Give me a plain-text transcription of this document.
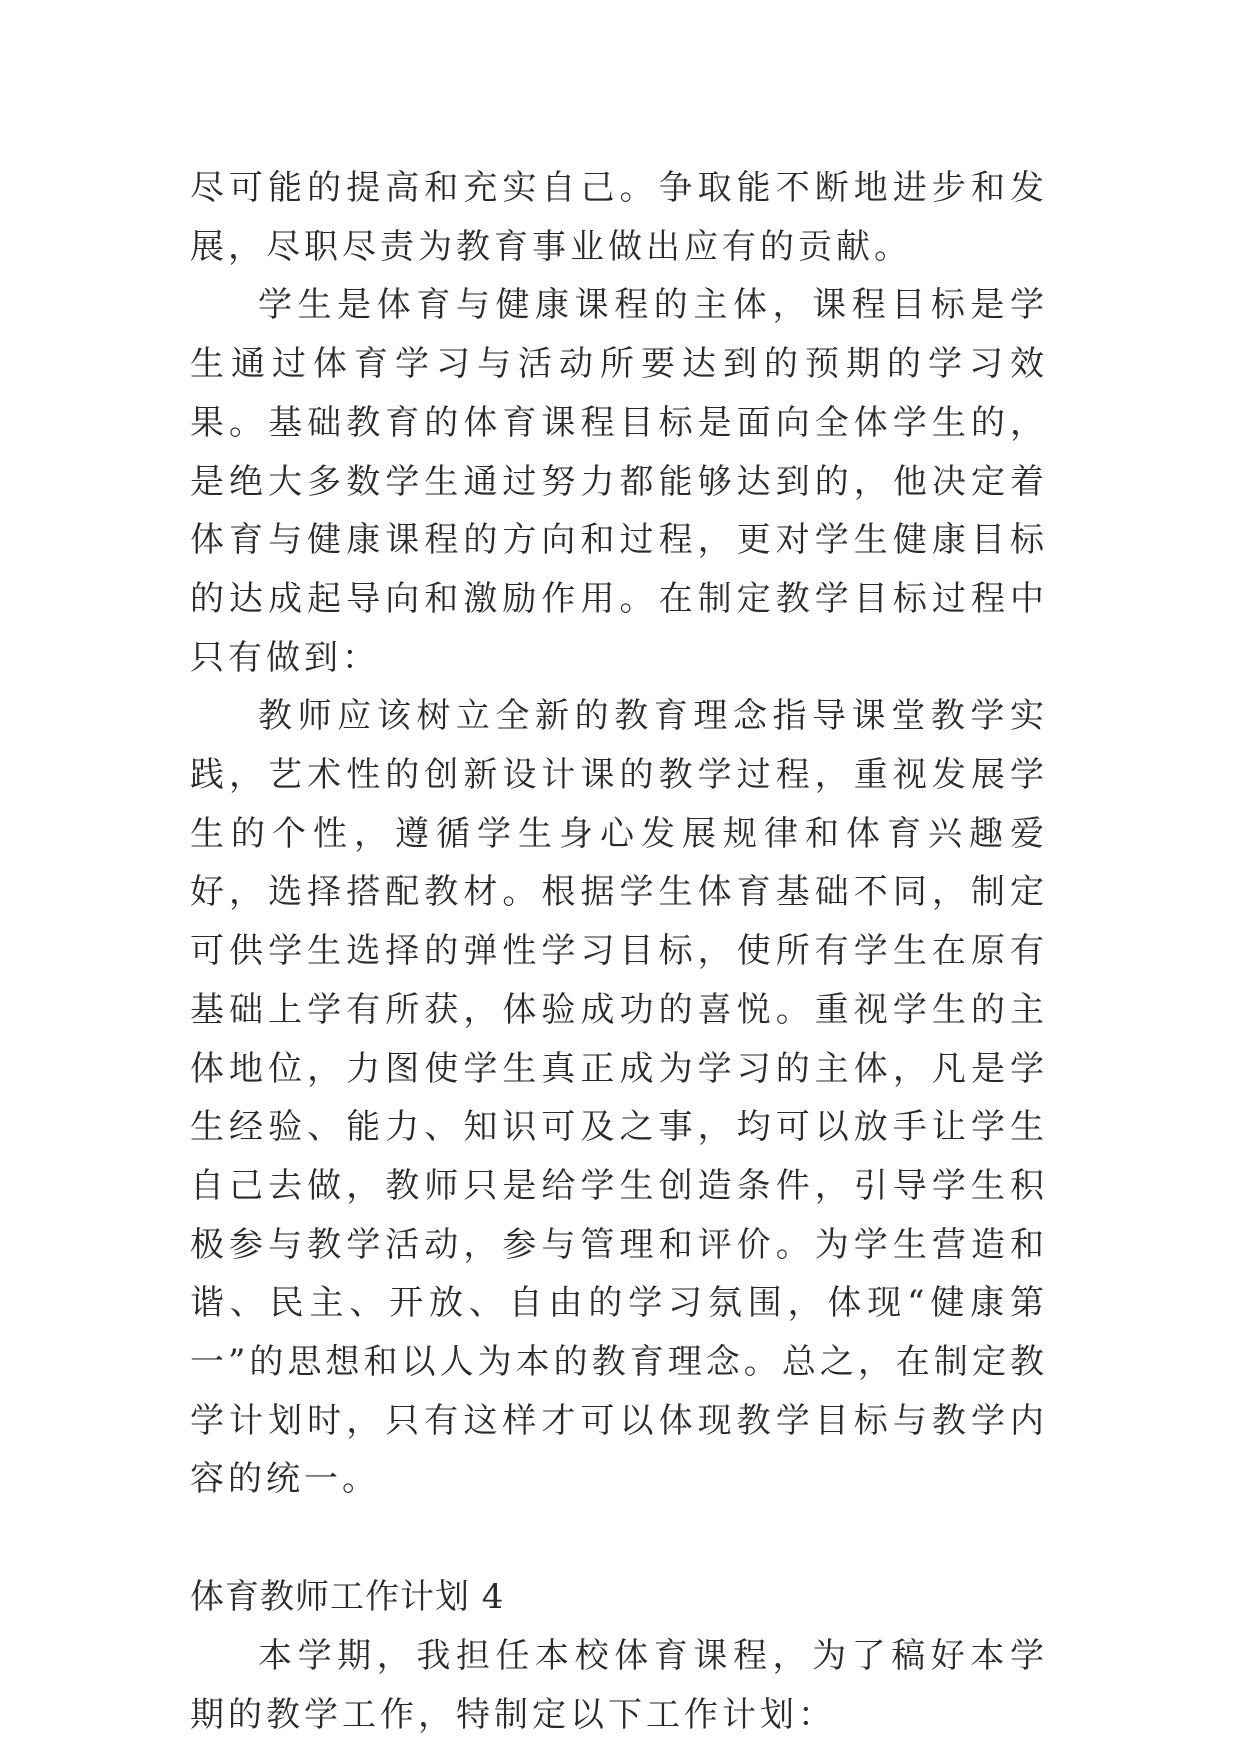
尽可能的提高和充实自己。争取能不断地进步和发展，尽职尽责为教育事业做出应有的贡献。

学生是体育与健康课程的主体，课程目标是学生通过体育学习与活动所要达到的预期的学习效果。基础教育的体育课程目标是面向全体学生的，是绝大多数学生通过努力都能够达到的，他决定着体育与健康课程的方向和过程，更对学生健康目标的达成起导向和激励作用。在制定教学目标过程中只有做到：

教师应该树立全新的教育理念指导课堂教学实践，艺术性的创新设计课的教学过程，重视发展学生的个性，遵循学生身心发展规律和体育兴趣爱好，选择搭配教材。根据学生体育基础不同，制定可供学生选择的弹性学习目标，使所有学生在原有基础上学有所获，体验成功的喜悦。重视学生的主体地位，力图使学生真正成为学习的主体，凡是学生经验、能力、知识可及之事，均可以放手让学生自己去做，教师只是给学生创造条件，引导学生积极参与教学活动，参与管理和评价。为学生营造和谐、民主、开放、自由的学习氛围，体现“健康第一”的思想和以人为本的教育理念。总之，在制定教学计划时，只有这样才可以体现教学目标与教学内容的统一。

体育教师工作计划 4

本学期，我担任本校体育课程，为了稿好本学期的教学工作，特制定以下工作计划：
